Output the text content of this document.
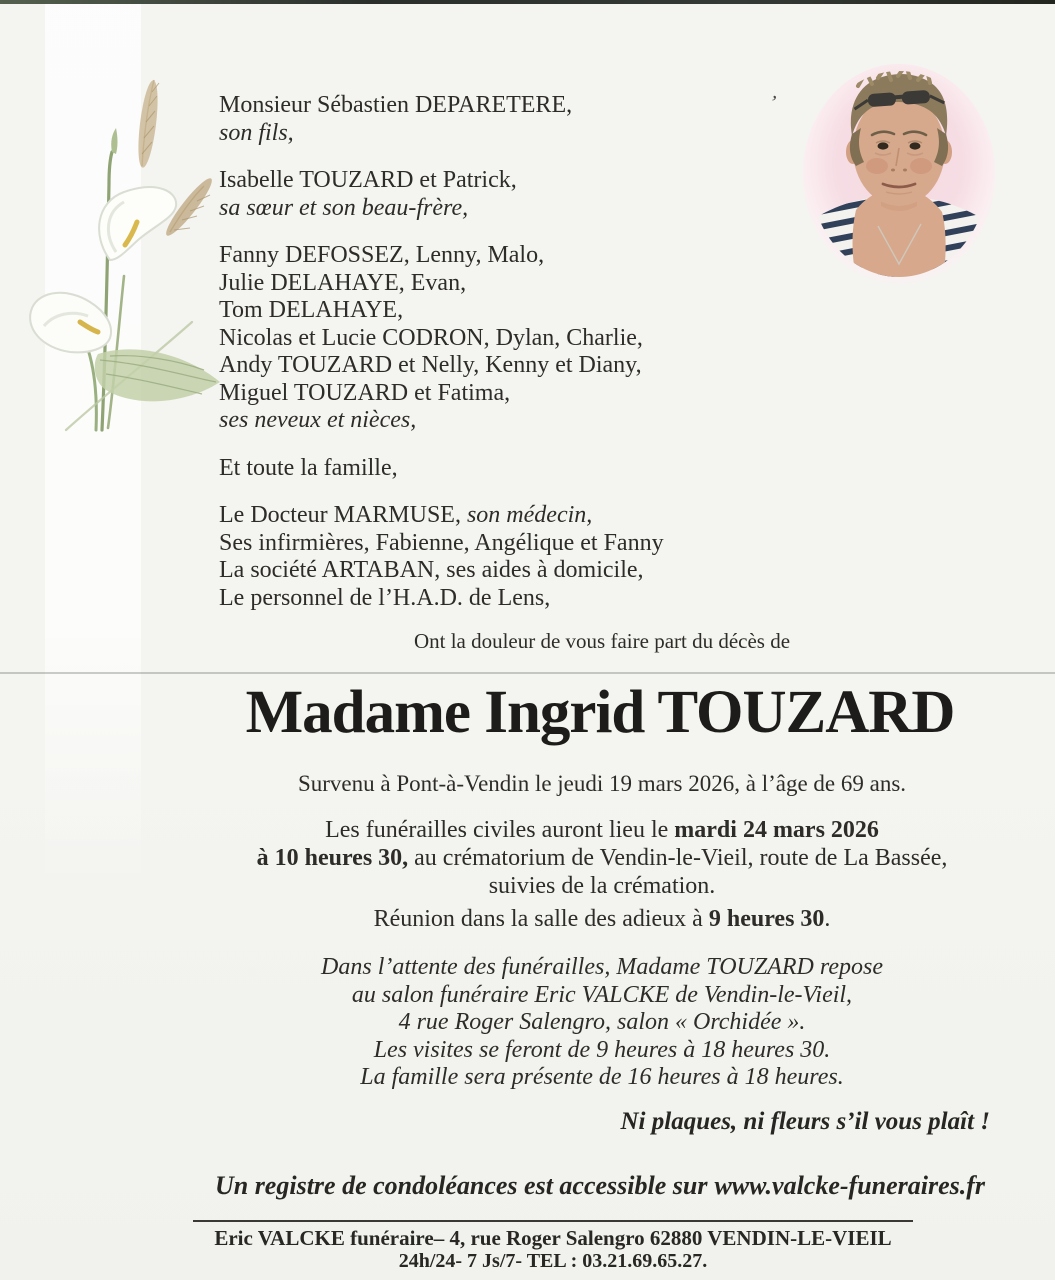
’
Monsieur Sébastien DEPARETERE,
son fils,
Isabelle TOUZARD et Patrick,
sa sœur et son beau-frère,
Fanny DEFOSSEZ, Lenny, Malo,
Julie DELAHAYE, Evan,
Tom DELAHAYE,
Nicolas et Lucie CODRON, Dylan, Charlie,
Andy TOUZARD et Nelly, Kenny et Diany,
Miguel TOUZARD et Fatima,
ses neveux et nièces,
Et toute la famille,
Le Docteur MARMUSE, son médecin,
Ses infirmières, Fabienne, Angélique et Fanny
La société ARTABAN, ses aides à domicile,
Le personnel de l’H.A.D. de Lens,
Ont la douleur de vous faire part du décès de
Madame Ingrid TOUZARD
Survenu à Pont-à-Vendin le jeudi 19 mars 2026, à l’âge de 69 ans.
Les funérailles civiles auront lieu le mardi 24 mars 2026
à 10 heures 30, au crématorium de Vendin-le-Vieil, route de La Bassée,
suivies de la crémation.
Réunion dans la salle des adieux à 9 heures 30.
Dans l’attente des funérailles, Madame TOUZARD repose
au salon funéraire Eric VALCKE de Vendin-le-Vieil,
4 rue Roger Salengro, salon « Orchidée ».
Les visites se feront de 9 heures à 18 heures 30.
La famille sera présente de 16 heures à 18 heures.
Ni plaques, ni fleurs s’il vous plaît !
Un registre de condoléances est accessible sur www.valcke-funeraires.fr
Eric VALCKE funéraire– 4, rue Roger Salengro 62880 VENDIN-LE-VIEIL
24h/24- 7 Js/7- TEL : 03.21.69.65.27.
